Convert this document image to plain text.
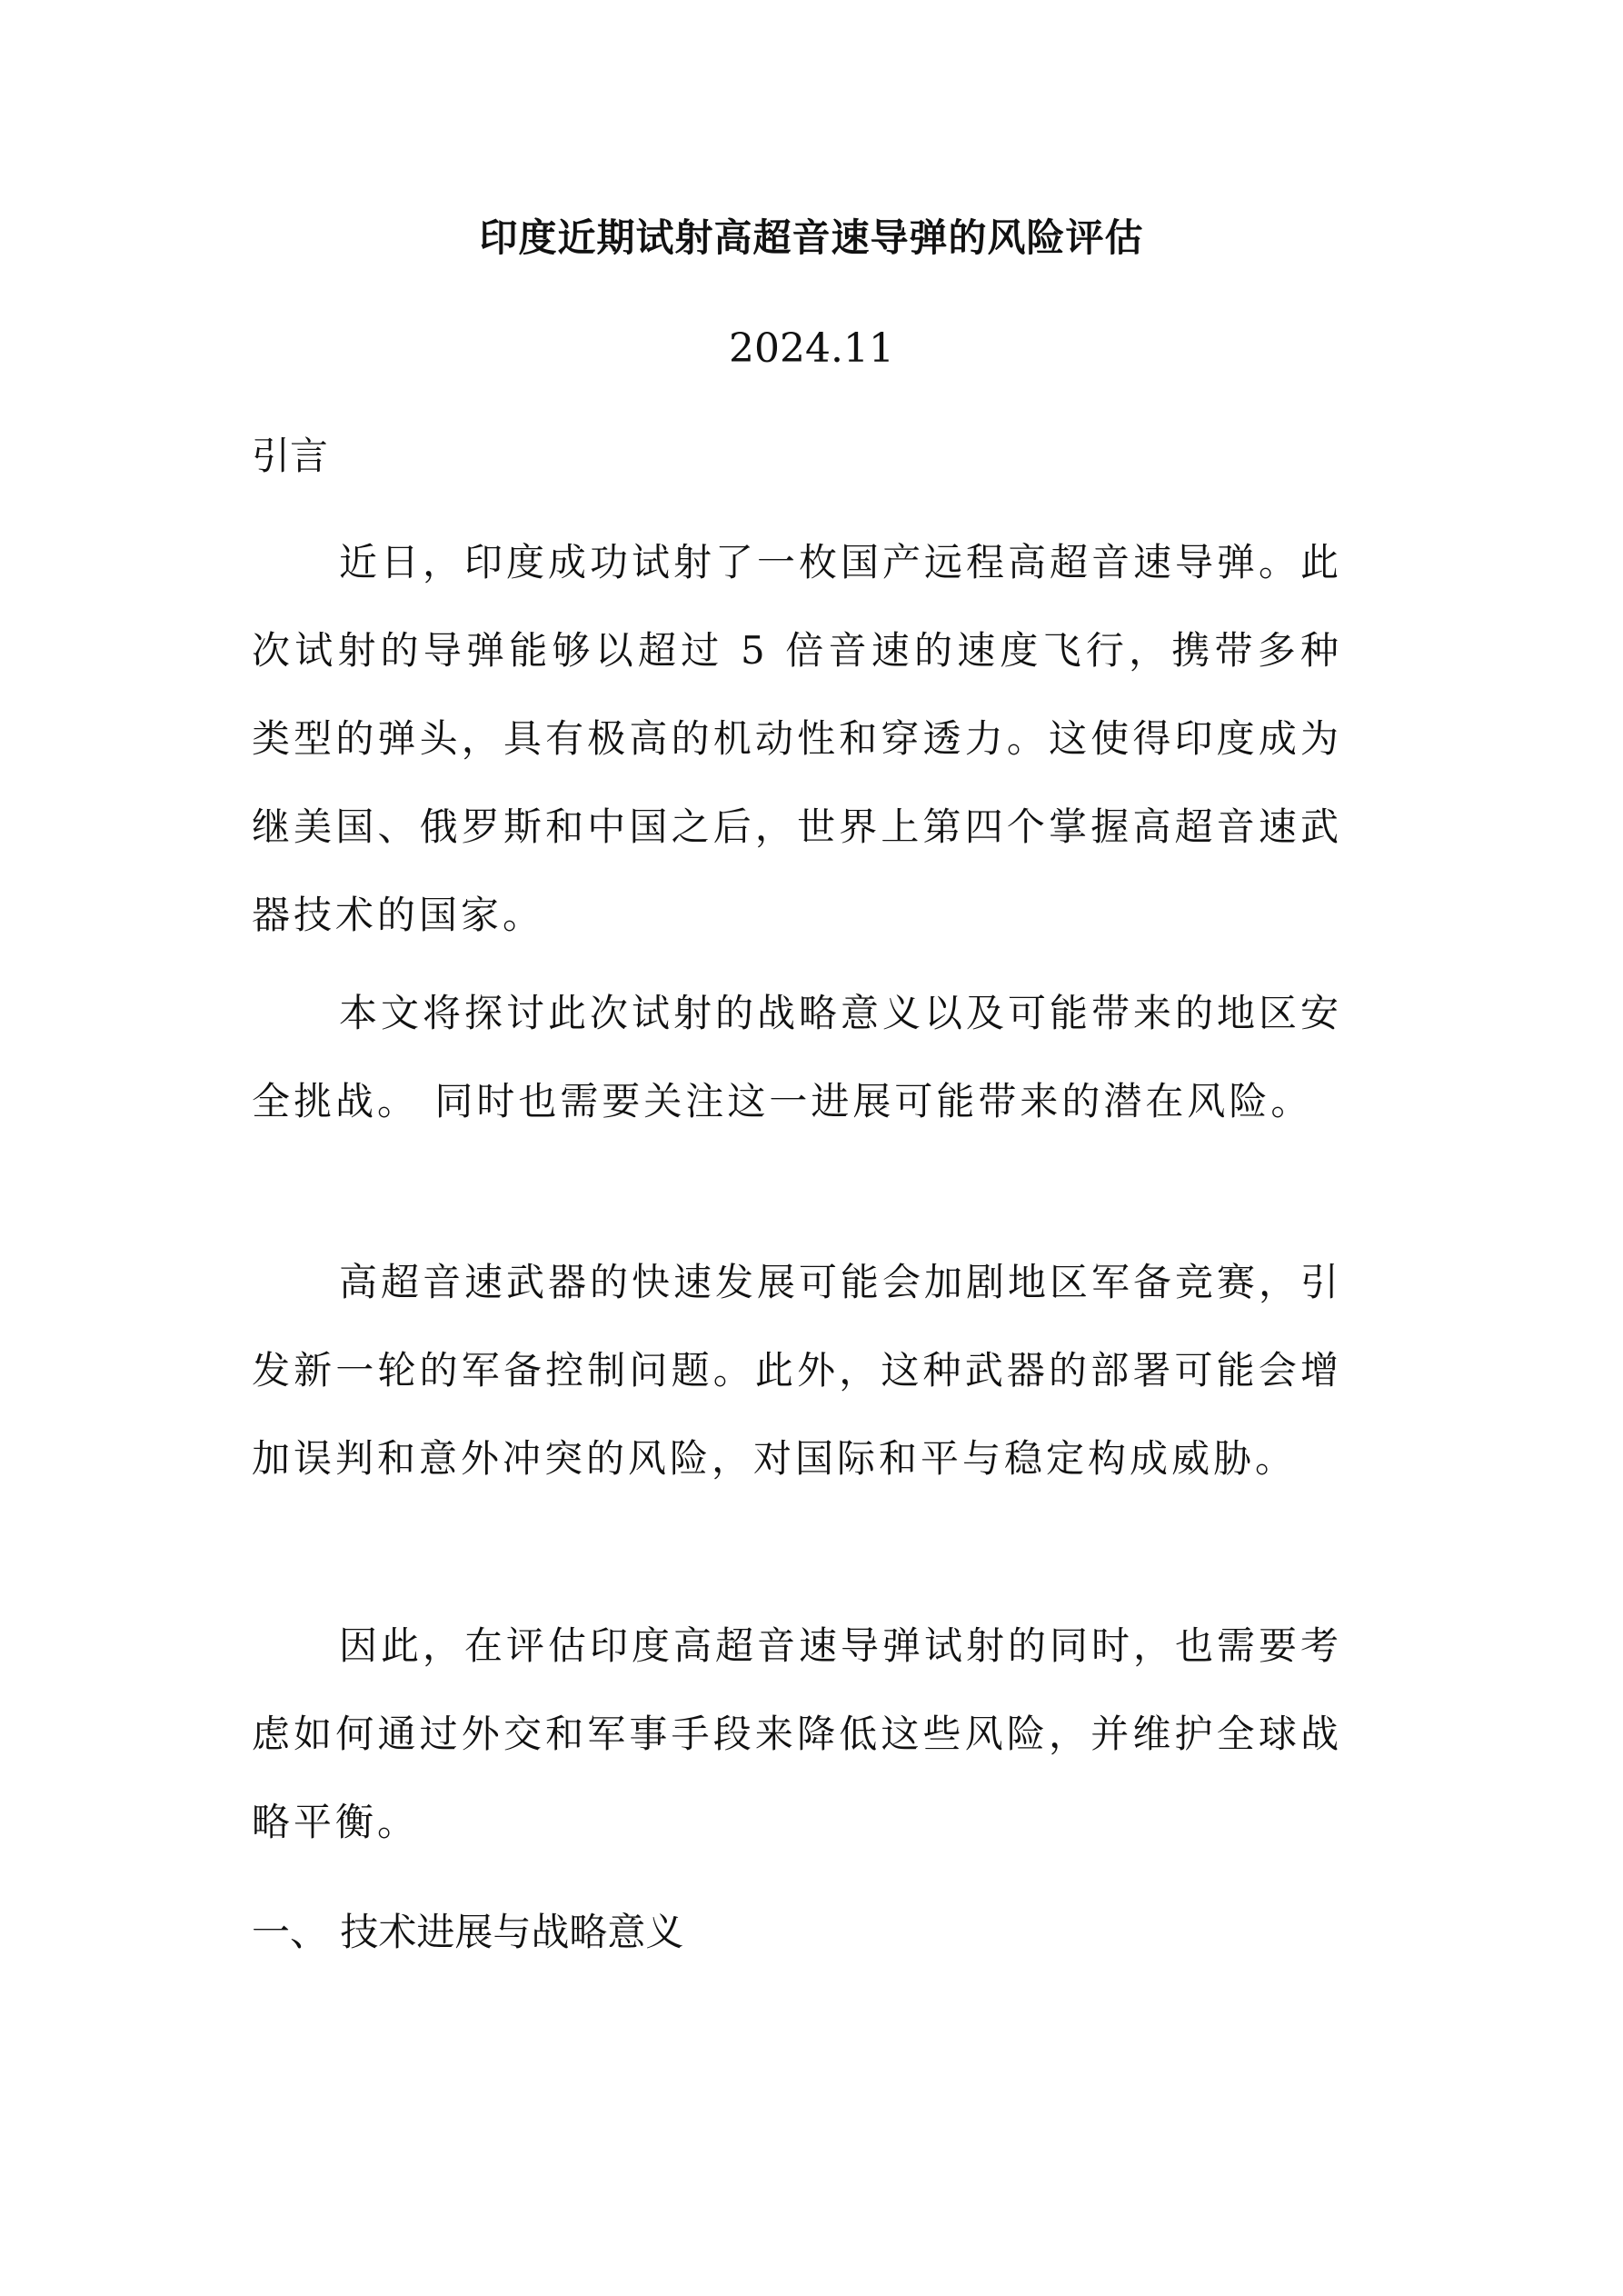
印度近期试射高超音速导弹的风险评估
2024.11
引言

近日，印度成功试射了一枚国产远程高超音速导弹。此次试射的导弹能够以超过 5 倍音速的速度飞行，携带多种类型的弹头，具有极高的机动性和穿透力。这使得印度成为继美国、俄罗斯和中国之后，世界上第四个掌握高超音速武器技术的国家。

本文将探讨此次试射的战略意义以及可能带来的地区安全挑战。 同时也需要关注这一进展可能带来的潜在风险。

高超音速武器的快速发展可能会加剧地区军备竞赛，引发新一轮的军备控制问题。此外，这种武器的部署可能会增加误判和意外冲突的风险，对国际和平与稳定构成威胁。

因此，在评估印度高超音速导弹试射的同时，也需要考虑如何通过外交和军事手段来降低这些风险，并维护全球战略平衡。

一、 技术进展与战略意义
